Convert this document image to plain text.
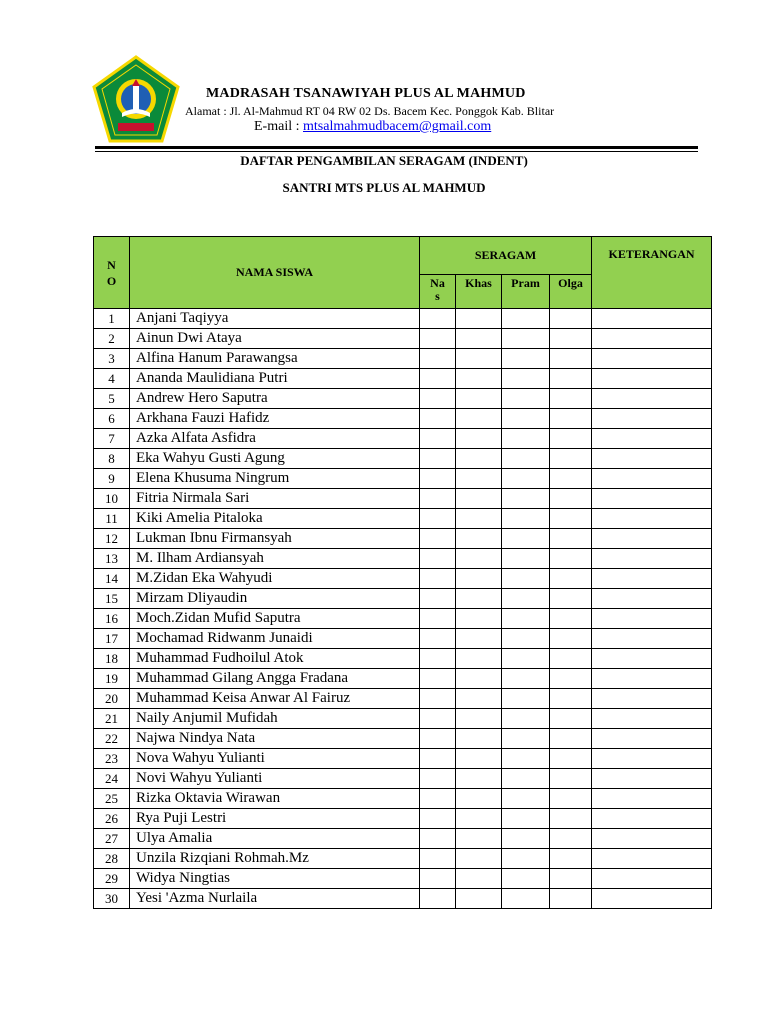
MADRASAH TSANAWIYAH PLUS AL MAHMUD
Alamat : Jl. Al-Mahmud RT 04 RW 02 Ds. Bacem Kec. Ponggok Kab. Blitar
E-mail : mtsalmahmudbacem@gmail.com
DAFTAR PENGAMBILAN SERAGAM (INDENT)
SANTRI MTS PLUS AL MAHMUD
N
O	NAMA SISWA	SERAGAM				KETERANGAN
		Na
s	Khas	Pram	Olga	
1	Anjani Taqiyya					
2	Ainun Dwi Ataya					
3	Alfina Hanum Parawangsa					
4	Ananda Maulidiana Putri					
5	Andrew Hero Saputra					
6	Arkhana Fauzi Hafidz					
7	Azka Alfata Asfidra					
8	Eka Wahyu Gusti Agung					
9	Elena Khusuma Ningrum					
10	Fitria Nirmala Sari					
11	Kiki Amelia Pitaloka					
12	Lukman Ibnu Firmansyah					
13	M. Ilham Ardiansyah					
14	M.Zidan Eka Wahyudi					
15	Mirzam Dliyaudin					
16	Moch.Zidan Mufid Saputra					
17	Mochamad Ridwanm Junaidi					
18	Muhammad Fudhoilul Atok					
19	Muhammad Gilang Angga Fradana					
20	Muhammad Keisa Anwar Al Fairuz					
21	Naily Anjumil Mufidah					
22	Najwa Nindya Nata					
23	Nova Wahyu Yulianti					
24	Novi Wahyu Yulianti					
25	Rizka Oktavia Wirawan					
26	Rya Puji Lestri					
27	Ulya Amalia					
28	Unzila Rizqiani Rohmah.Mz					
29	Widya Ningtias					
30	Yesi 'Azma Nurlaila					
